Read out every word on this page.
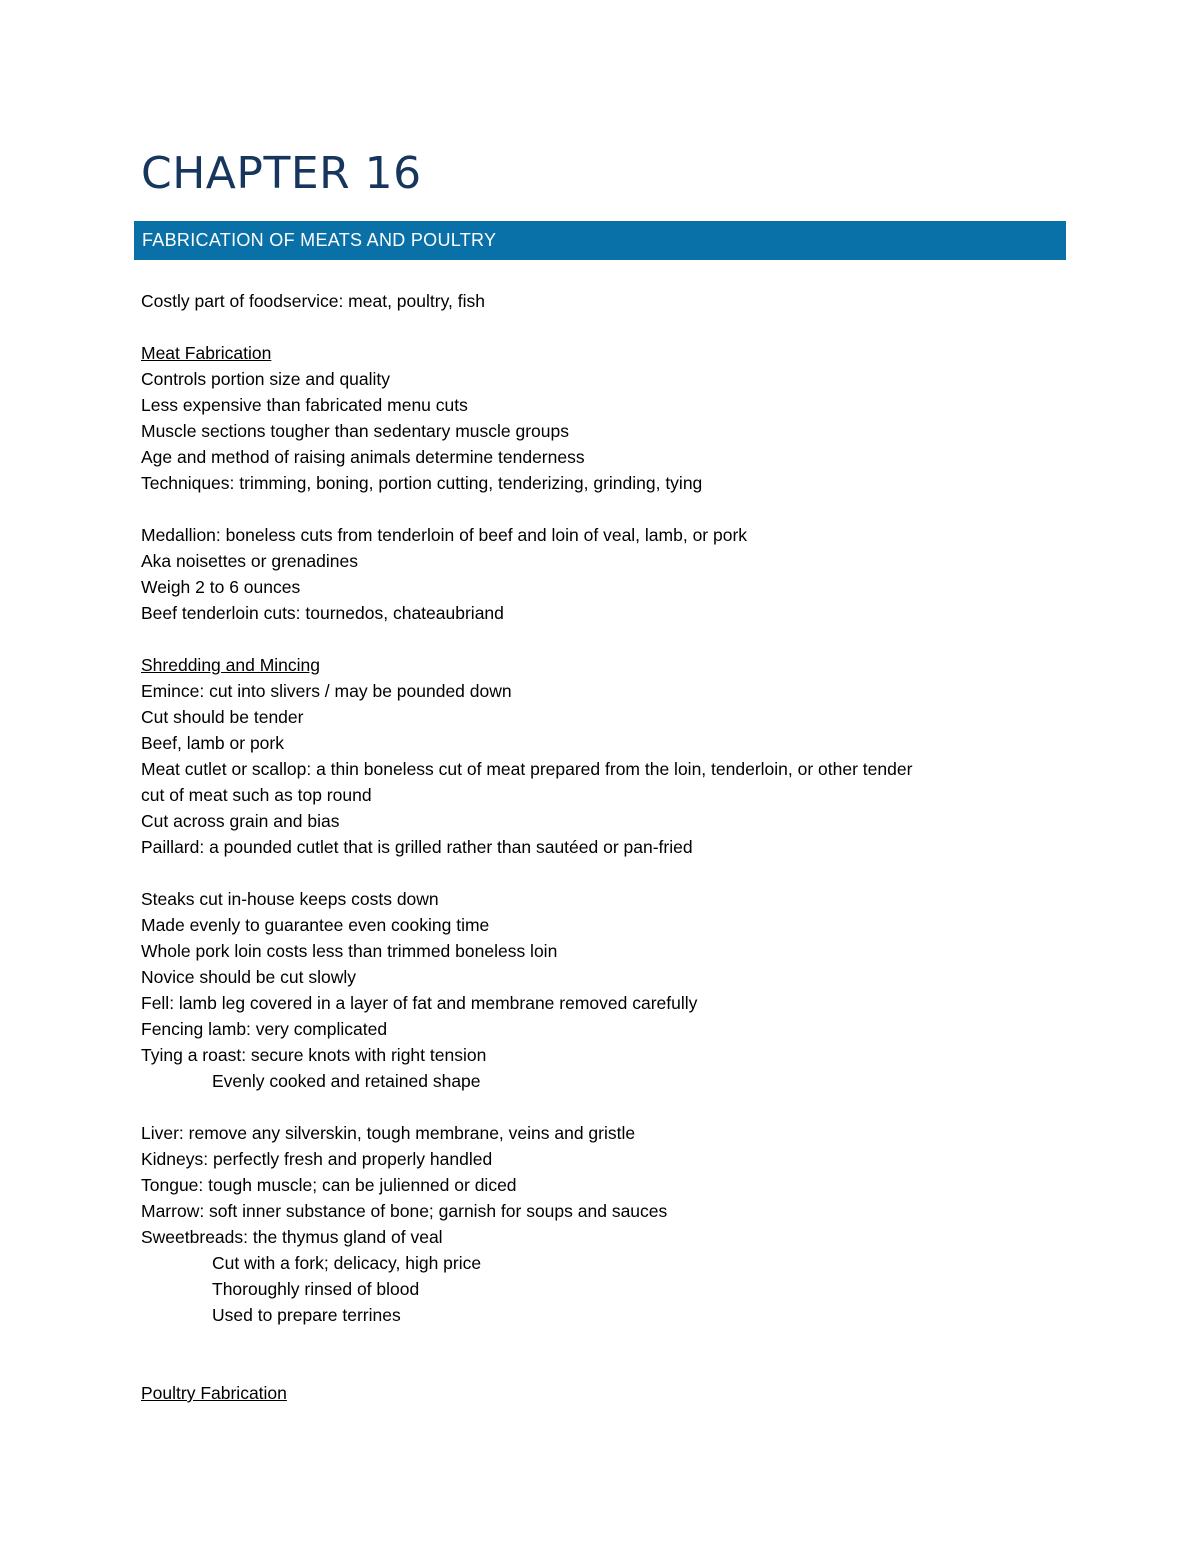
CHAPTER 16
FABRICATION OF MEATS AND POULTRY
Costly part of foodservice: meat, poultry, fish
Meat Fabrication
Controls portion size and quality
Less expensive than fabricated menu cuts
Muscle sections tougher than sedentary muscle groups
Age and method of raising animals determine tenderness
Techniques: trimming, boning, portion cutting, tenderizing, grinding, tying
Medallion: boneless cuts from tenderloin of beef and loin of veal, lamb, or pork
Aka noisettes or grenadines
Weigh 2 to 6 ounces
Beef tenderloin cuts: tournedos, chateaubriand
Shredding and Mincing
Emince: cut into slivers / may be pounded down
Cut should be tender
Beef, lamb or pork
Meat cutlet or scallop: a thin boneless cut of meat prepared from the loin, tenderloin, or other tender
cut of meat such as top round
Cut across grain and bias
Paillard: a pounded cutlet that is grilled rather than sautéed or pan-fried
Steaks cut in-house keeps costs down
Made evenly to guarantee even cooking time
Whole pork loin costs less than trimmed boneless loin
Novice should be cut slowly
Fell: lamb leg covered in a layer of fat and membrane removed carefully
Fencing lamb: very complicated
Tying a roast: secure knots with right tension
Evenly cooked and retained shape
Liver: remove any silverskin, tough membrane, veins and gristle
Kidneys: perfectly fresh and properly handled
Tongue: tough muscle; can be julienned or diced
Marrow: soft inner substance of bone; garnish for soups and sauces
Sweetbreads: the thymus gland of veal
Cut with a fork; delicacy, high price
Thoroughly rinsed of blood
Used to prepare terrines
Poultry Fabrication
